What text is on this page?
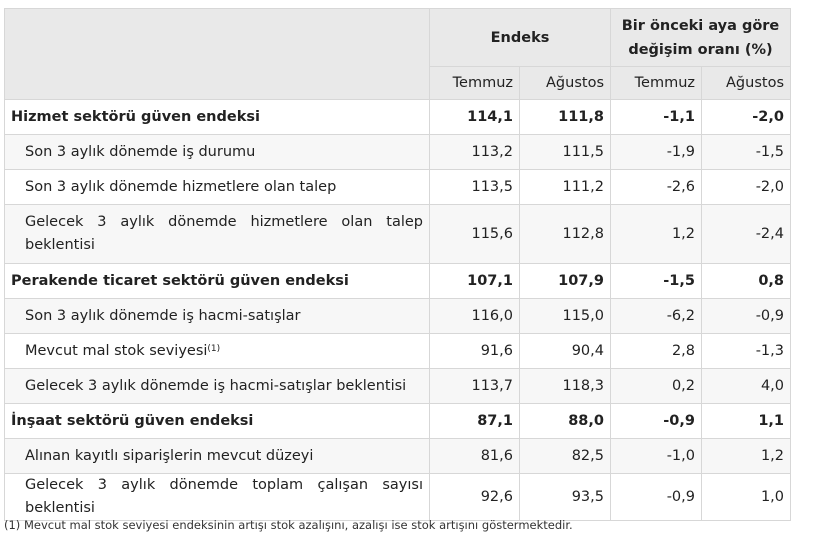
	Endeks		Bir önceki aya göre değişim oranı (%)	
	Temmuz	Ağustos	Temmuz	Ağustos
Hizmet sektörü güven endeksi	114,1	111,8	-1,1	-2,0
Son 3 aylık dönemde iş durumu	113,2	111,5	-1,9	-1,5
Son 3 aylık dönemde hizmetlere olan talep	113,5	111,2	-2,6	-2,0
Gelecek 3 aylık dönemde hizmetlere olan talep beklentisi	115,6	112,8	1,2	-2,4
Perakende ticaret sektörü güven endeksi	107,1	107,9	-1,5	0,8
Son 3 aylık dönemde iş hacmi-satışlar	116,0	115,0	-6,2	-0,9
Mevcut mal stok seviyesi$^{(1)}$	91,6	90,4	2,8	-1,3
Gelecek 3 aylık dönemde iş hacmi-satışlar beklentisi	113,7	118,3	0,2	4,0
İnşaat sektörü güven endeksi	87,1	88,0	-0,9	1,1
Alınan kayıtlı siparişlerin mevcut düzeyi	81,6	82,5	-1,0	1,2
Gelecek 3 aylık dönemde toplam çalışan sayısı beklentisi	92,6	93,5	-0,9	1,0
(1) Mevcut mal stok seviyesi endeksinin artışı stok azalışını, azalışı ise stok artışını göstermektedir.
